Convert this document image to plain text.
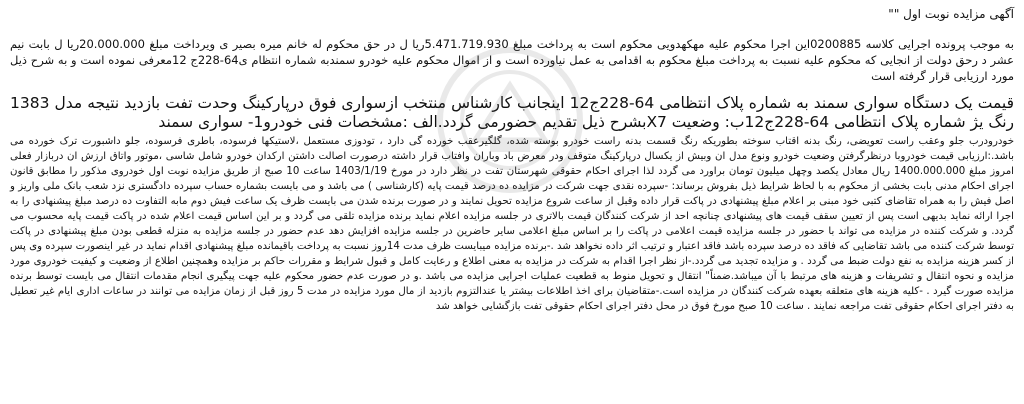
آگهی مزایده نوبت اول ""

به موجب پرونده اجرایی کلاسه 0200885این اجرا محکوم علیه مهکهدویی محکوم است به پرداخت مبلغ 5.471.719.930ریا ل در حق محکوم له خانم میره بصیر ی ویرداخت مبلغ 20.000.000ریا ل بابت نیم عشر د رحق دولت از انجایی که محکوم علیه نسبت به پرداخت مبلغ محکوم به اقدامی به عمل نیاورده است و از اموال محکوم علیه خودرو سمندبه شماره انتظام ی64-228ج 12معرفی نموده است و به شرح ذیل مورد ارزیابی قرار گرفته است

قیمت یک دستگاه سواری سمند به شماره پلاک انتظامی 64-228ج12 اینجانب کارشناس منتخب ازسواری فوق درپارکینگ وحدت تفت بازدید نتیجه مدل 1383 رنگ یژ شماره پلاک انتظامی 64-228ج12ب: وضعیت X7بشرح ذیل تقدیم حضورمی گردد.الف :مشخصات فنی خودرو1- سواری سمند

خودرودرب جلو وعقب راست تعویضی، رنگ بدنه اقتاب سوخته بطوریکه رنگ قسمت بدنه راست خودرو بوسته شده، گلگیرعقب خورده گی دارد ، تودوزی مستعمل ،لاستیکها فرسوده، باطری فرسوده، جلو داشبورت ترک خورده می باشد.:ارزیابی قیمت خودروبا درنظرگرفتن وضعیت خودرو ونوع مدل ان وبیش از یکسال درپارکینگ متوقف ودر معرض باد وباران وافتاب قرار داشته درصورت اصالت داشتن ارکدان خودرو شامل شاسی ،موتور واتاق ارزش ان دربازار فعلی امروز مبلغ 1400.000.000 ریال معادل یکصد وچهل میلیون تومان براورد می گردد لذا اجرای احکام حقوقی شهرستان تفت در نظر دارد در مورخ 1403/1/19 ساعت 10 صبح از طریق مزایده نوبت اول خودروی مذکور را مطابق قانون اجرای احکام مدنی بابت بخشی از محکوم به با لحاظ شرایط ذیل بفروش برساند: -سپرده نقدی جهت شرکت در مزایده ده درصد قیمت پایه (کارشناسی ) می باشد و می بایست بشماره حساب سپرده دادگستری نزد شعب بانک ملی واریز و اصل فیش را به همراه تقاضای کتبی خود مبنی بر اعلام مبلغ پیشنهادی در پاکت قرار داده وقبل از ساعت شروع مزایده تحویل نمایند و در صورت برنده شدن می بایست ظرف یک ساعت فیش دوم مابه التفاوت ده درصد مبلغ پیشنهادی را به اجرا ارائه نماید بدیهی است پس از تعیین سقف قیمت های پیشنهادی چنانچه احد از شرکت کنندگان قیمت بالاتری در جلسه مزایده اعلام نماید برنده مزایده تلقی می گردد و بر این اساس قیمت اعلام شده در پاکت قیمت پایه محسوب می گردد. و شرکت کننده در مزایده می تواند با حضور در جلسه مزایده قیمت اعلامی در پاکت را بر اساس مبلغ اعلامی سایر حاضرین در جلسه مزایده افزایش دهد عدم حضور در جلسه مزایده به منزله قطعی بودن مبلغ پیشنهادی در پاکت توسط شرکت کننده می باشد تقاضایی که فاقد ده درصد سپرده باشد فاقد اعتبار و ترتیب اثر داده نخواهد شد .-برنده مزایده میبایست ظرف مدت 14روز نسبت به پرداخت باقیمانده مبلغ پیشنهادی اقدام نماید در غیر اینصورت سپرده وی پس از کسر هزینه مزایده به نفع دولت ضبط می گردد . و مزایده تجدید می گردد.-از نظر اجرا اقدام به شرکت در مزایده به معنی اطلاع و رعایت کامل و قبول شرایط و مقررات حاکم بر مزایده وهمچنین اطلاع از وضعیت و کیفیت خودروی مورد مزایده و نحوه انتقال و تشریفات و هزینه های مرتبط با آن میباشد.ضمناً" انتقال و تحویل منوط به قطعیت عملیات اجرایی مزایده می باشد .و در صورت عدم حضور محکوم علیه جهت پیگیری انجام مقدمات انتقال می بایست توسط برنده مزایده صورت گیرد . -کلیه هزینه های متعلقه بعهده شرکت کنندگان در مزایده است.-متقاضیان برای اخذ اطلاعات بیشتر یا عندالتزوم بازدید از مال مورد مزایده در مدت 5 روز قبل از زمان مزایده می توانند در ساعات اداری ایام غیر تعطیل به دفتر اجرای احکام حقوقی تفت مراجعه نمایند . ساعت 10 صبح مورخ فوق در محل دفتر اجرای احکام حقوقی تفت بازگشایی خواهد شد
